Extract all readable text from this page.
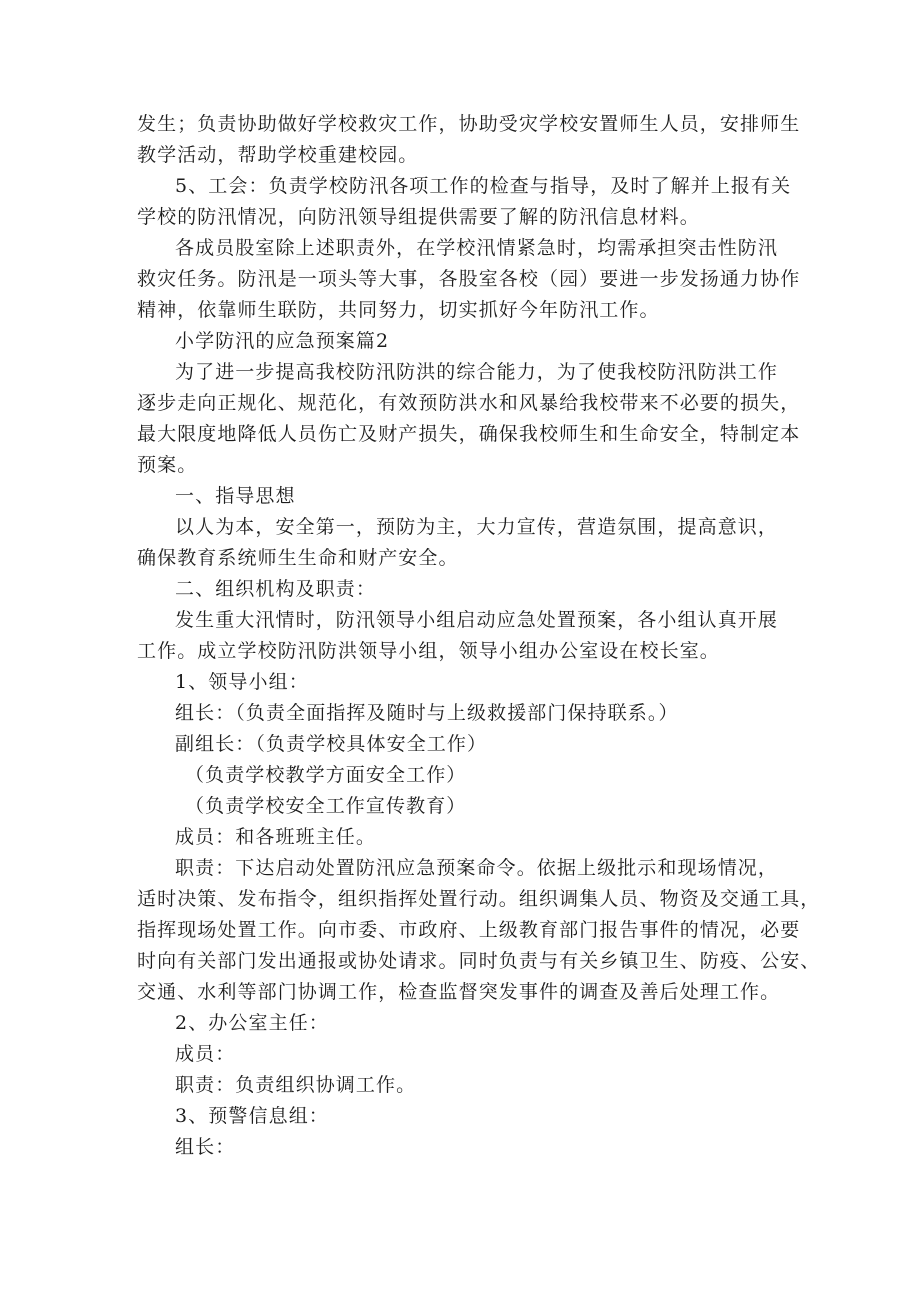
发生；负责协助做好学校救灾工作，协助受灾学校安置师生人员，安排师生
教学活动，帮助学校重建校园。
5、工会：负责学校防汛各项工作的检查与指导，及时了解并上报有关
学校的防汛情况，向防汛领导组提供需要了解的防汛信息材料。
各成员股室除上述职责外，在学校汛情紧急时，均需承担突击性防汛
救灾任务。防汛是一项头等大事，各股室各校（园）要进一步发扬通力协作
精神，依靠师生联防，共同努力，切实抓好今年防汛工作。
小学防汛的应急预案篇2
为了进一步提高我校防汛防洪的综合能力，为了使我校防汛防洪工作
逐步走向正规化、规范化，有效预防洪水和风暴给我校带来不必要的损失，
最大限度地降低人员伤亡及财产损失，确保我校师生和生命安全，特制定本
预案。
一、指导思想
以人为本，安全第一，预防为主，大力宣传，营造氛围，提高意识，
确保教育系统师生生命和财产安全。
二、组织机构及职责：
发生重大汛情时，防汛领导小组启动应急处置预案，各小组认真开展
工作。成立学校防汛防洪领导小组，领导小组办公室设在校长室。
1、领导小组：
组长：（负责全面指挥及随时与上级救援部门保持联系。）
副组长：（负责学校具体安全工作）
（负责学校教学方面安全工作）
（负责学校安全工作宣传教育）
成员：和各班班主任。
职责：下达启动处置防汛应急预案命令。依据上级批示和现场情况，
适时决策、发布指令，组织指挥处置行动。组织调集人员、物资及交通工具，
指挥现场处置工作。向市委、市政府、上级教育部门报告事件的情况，必要
时向有关部门发出通报或协处请求。同时负责与有关乡镇卫生、防疫、公安、
交通、水利等部门协调工作，检查监督突发事件的调查及善后处理工作。
2、办公室主任：
成员：
职责：负责组织协调工作。
3、预警信息组：
组长：
